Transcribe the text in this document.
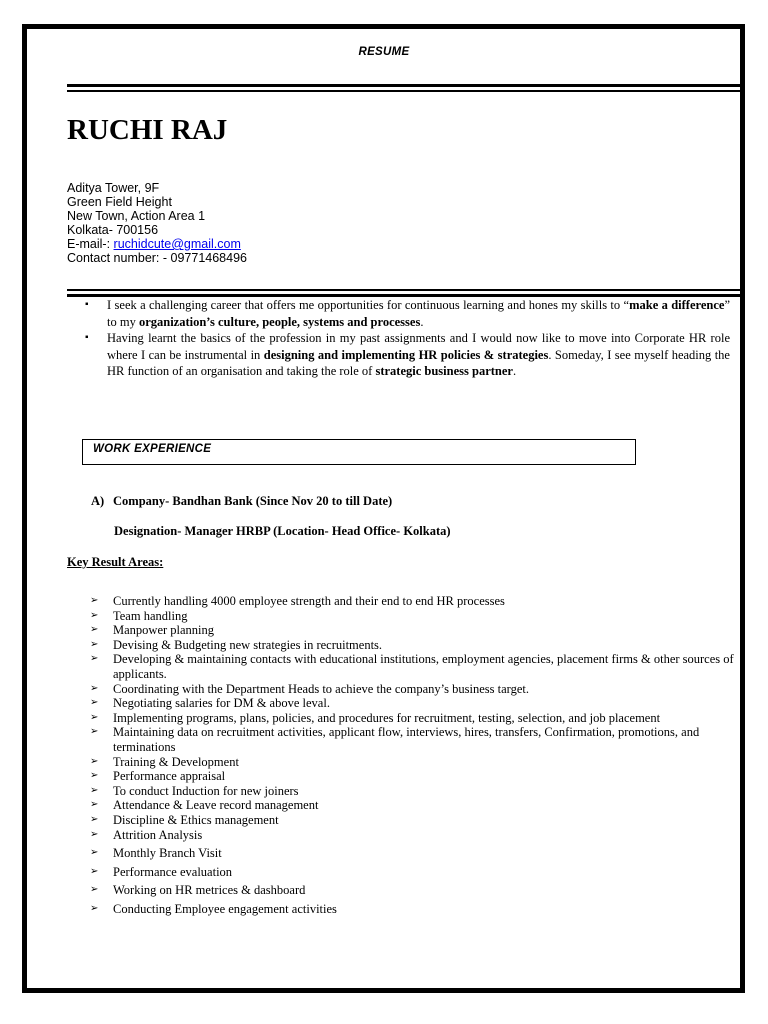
RESUME
RUCHI RAJ
Aditya Tower, 9F
Green Field Height
New Town, Action Area 1
Kolkata- 700156
E-mail-: ruchidcute@gmail.com
Contact number: - 09771468496
▪ I seek a challenging career that offers me opportunities for continuous learning and hones my skills to “make a difference” to my organization’s culture, people, systems and processes.
▪ Having learnt the basics of the profession in my past assignments and I would now like to move into Corporate HR role where I can be instrumental in designing and implementing HR policies & strategies. Someday, I see myself heading the HR function of an organisation and taking the role of strategic business partner.
WORK EXPERIENCE
A) Company- Bandhan Bank (Since Nov 20 to till Date)
Designation- Manager HRBP (Location- Head Office- Kolkata)
Key Result Areas:
➢ Currently handling 4000 employee strength and their end to end HR processes
➢ Team handling
➢ Manpower planning
➢ Devising & Budgeting new strategies in recruitments.
➢ Developing & maintaining contacts with educational institutions, employment agencies, placement firms & other sources of applicants.
➢ Coordinating with the Department Heads to achieve the company’s business target.
➢ Negotiating salaries for DM & above leval.
➢ Implementing programs, plans, policies, and procedures for recruitment, testing, selection, and job placement
➢ Maintaining data on recruitment activities, applicant flow, interviews, hires, transfers, Confirmation, promotions, and terminations
➢ Training & Development
➢ Performance appraisal
➢ To conduct Induction for new joiners
➢ Attendance & Leave record management
➢ Discipline & Ethics management
➢ Attrition Analysis
➢ Monthly Branch Visit
➢ Performance evaluation
➢ Working on HR metrices & dashboard
➢ Conducting Employee engagement activities
